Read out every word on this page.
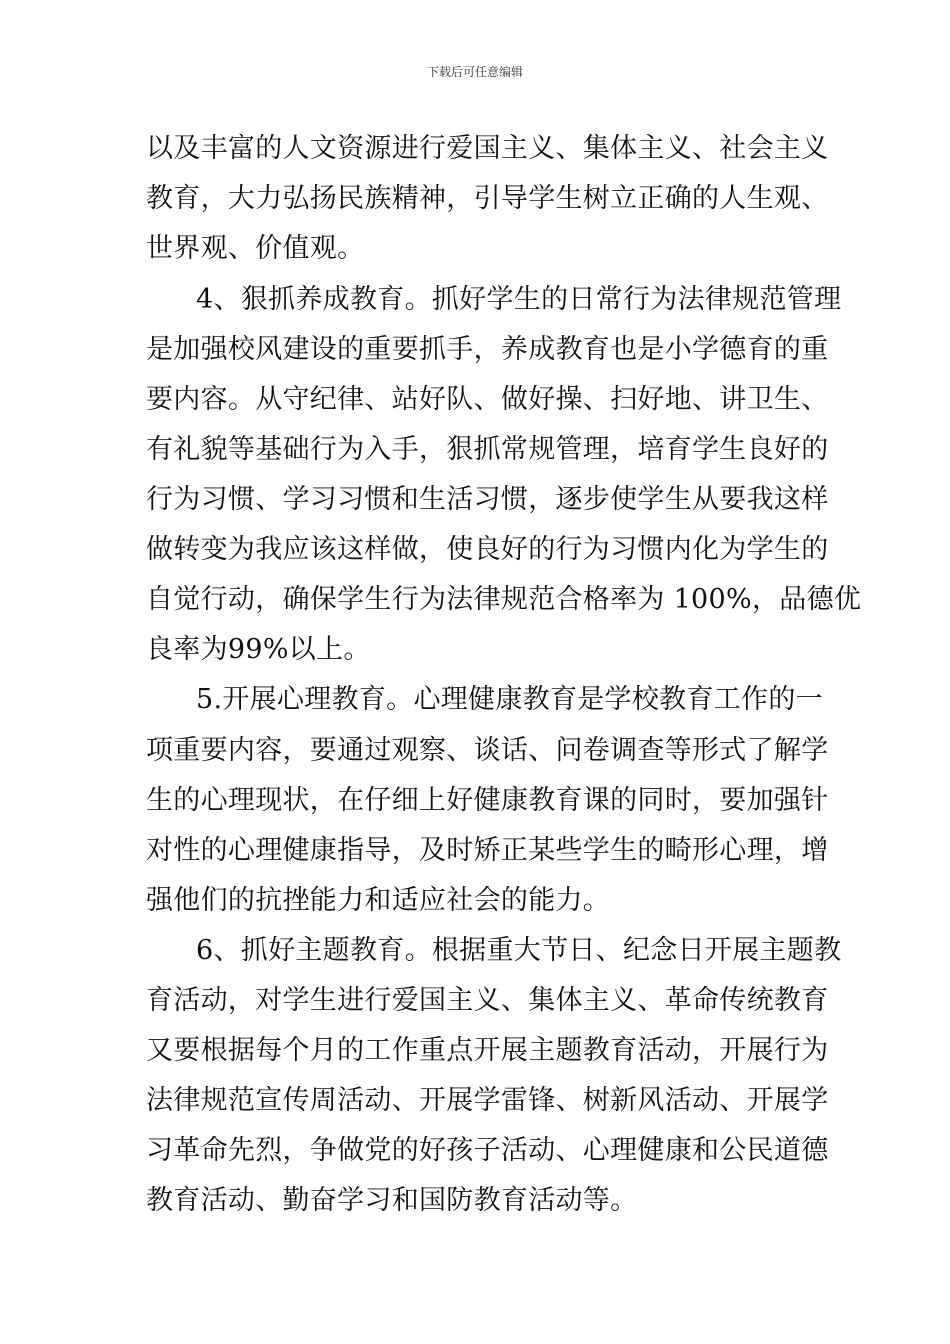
下载后可任意编辑
以及丰富的人文资源进行爱国主义、集体主义、社会主义
教育，大力弘扬民族精神，引导学生树立正确的人生观、
世界观、价值观。
4、狠抓养成教育。抓好学生的日常行为法律规范管理
是加强校风建设的重要抓手，养成教育也是小学德育的重
要内容。从守纪律、站好队、做好操、扫好地、讲卫生、
有礼貌等基础行为入手，狠抓常规管理，培育学生良好的
行为习惯、学习习惯和生活习惯，逐步使学生从要我这样
做转变为我应该这样做，使良好的行为习惯内化为学生的
自觉行动，确保学生行为法律规范合格率为 100%，品德优
良率为99%以上。
5.开展心理教育。心理健康教育是学校教育工作的一
项重要内容，要通过观察、谈话、问卷调查等形式了解学
生的心理现状，在仔细上好健康教育课的同时，要加强针
对性的心理健康指导，及时矫正某些学生的畸形心理，增
强他们的抗挫能力和适应社会的能力。
6、抓好主题教育。根据重大节日、纪念日开展主题教
育活动，对学生进行爱国主义、集体主义、革命传统教育
又要根据每个月的工作重点开展主题教育活动，开展行为
法律规范宣传周活动、开展学雷锋、树新风活动、开展学
习革命先烈，争做党的好孩子活动、心理健康和公民道德
教育活动、勤奋学习和国防教育活动等。
